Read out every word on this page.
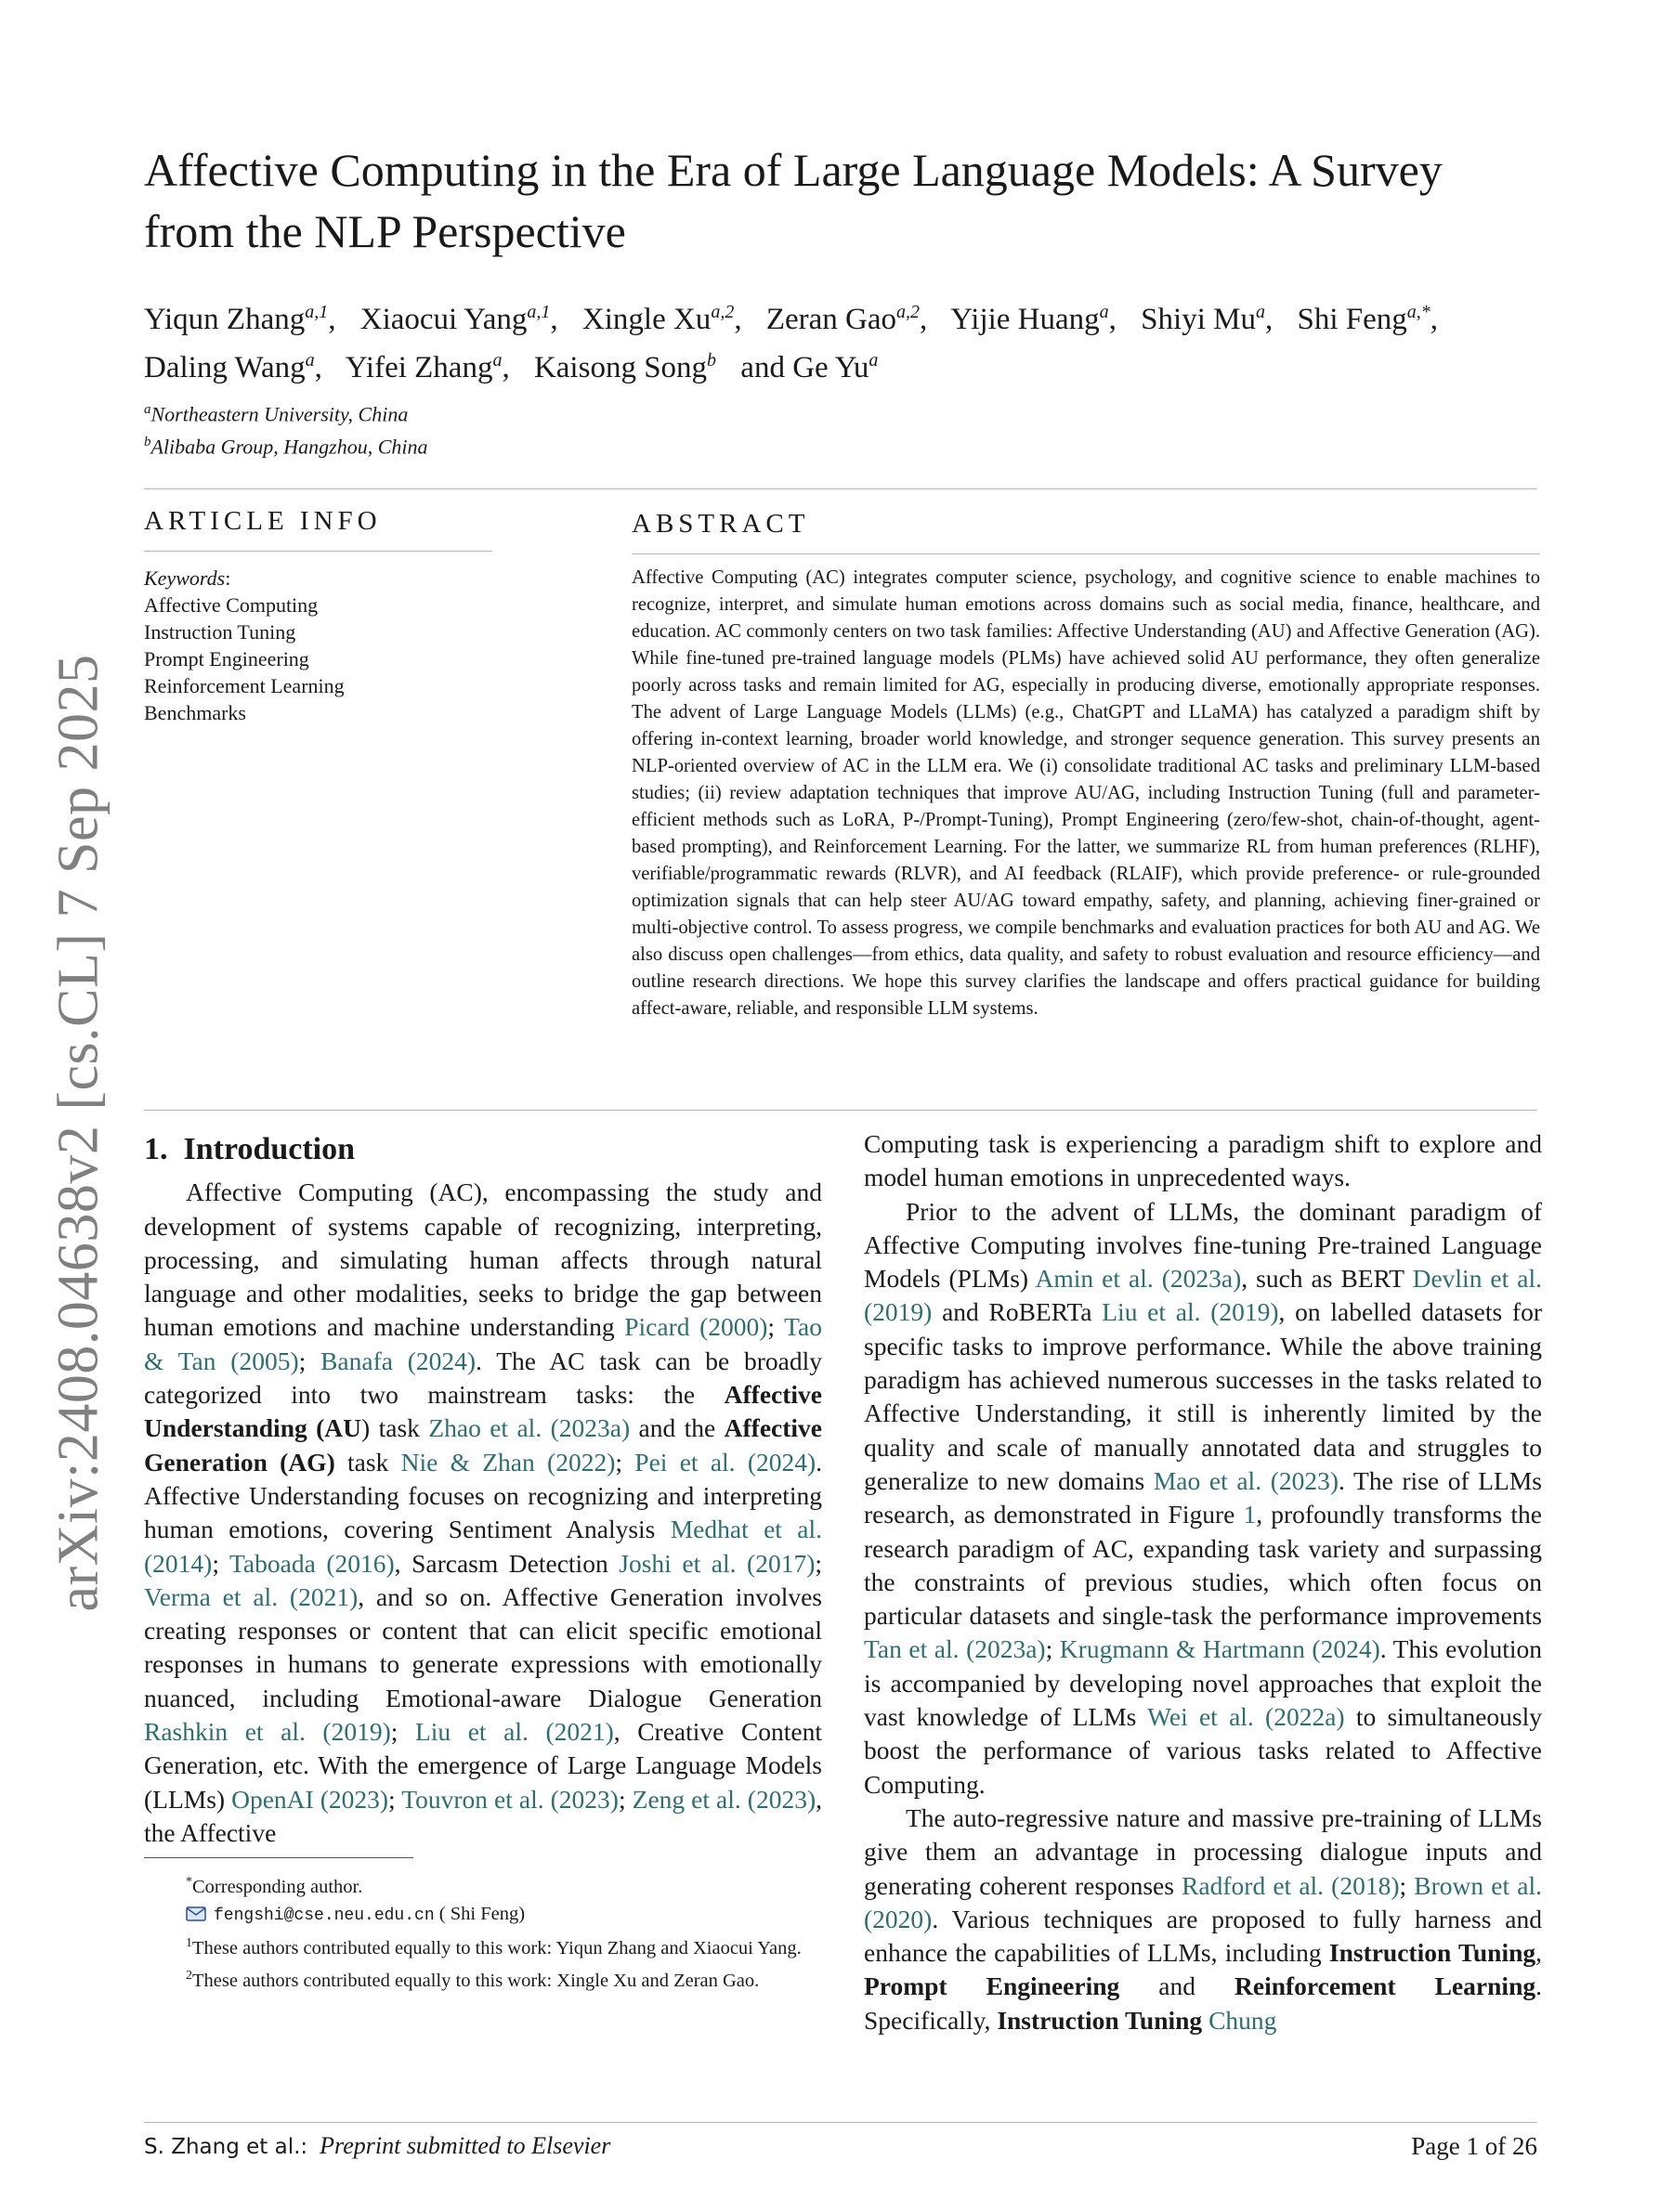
arXiv:2408.04638v2 [cs.CL] 7 Sep 2025
Affective Computing in the Era of Large Language Models: A Survey from the NLP Perspective

Yiqun Zhang$^{a,1}$, Xiaocui Yang$^{a,1}$, Xingle Xu$^{a,2}$, Zeran Gao$^{a,2}$, Yijie Huang$^a$, Shiyi Mu$^a$, Shi Feng$^{a,*}$, Daling Wang$^a$, Yifei Zhang$^a$, Kaisong Song$^b$ and Ge Yu$^a$

$^a$Northeastern University, China

$^b$Alibaba Group, Hangzhou, China

ARTICLE INFO
Keywords:
Affective Computing
Instruction Tuning
Prompt Engineering
Reinforcement Learning
Benchmarks
ABSTRACT

Affective Computing (AC) integrates computer science, psychology, and cognitive science to enable machines to recognize, interpret, and simulate human emotions across domains such as social media, finance, healthcare, and education. AC commonly centers on two task families: Affective Understanding (AU) and Affective Generation (AG). While fine-tuned pre-trained language models (PLMs) have achieved solid AU performance, they often generalize poorly across tasks and remain limited for AG, especially in producing diverse, emotionally appropriate responses. The advent of Large Language Models (LLMs) (e.g., ChatGPT and LLaMA) has catalyzed a paradigm shift by offering in-context learning, broader world knowledge, and stronger sequence generation. This survey presents an NLP-oriented overview of AC in the LLM era. We (i) consolidate traditional AC tasks and preliminary LLM-based studies; (ii) review adaptation techniques that improve AU/AG, including Instruction Tuning (full and parameter-efficient methods such as LoRA, P-/Prompt-Tuning), Prompt Engineering (zero/few-shot, chain-of-thought, agent-based prompting), and Reinforcement Learning. For the latter, we summarize RL from human preferences (RLHF), verifiable/programmatic rewards (RLVR), and AI feedback (RLAIF), which provide preference- or rule-grounded optimization signals that can help steer AU/AG toward empathy, safety, and planning, achieving finer-grained or multi-objective control. To assess progress, we compile benchmarks and evaluation practices for both AU and AG. We also discuss open challenges—from ethics, data quality, and safety to robust evaluation and resource efficiency—and outline research directions. We hope this survey clarifies the landscape and offers practical guidance for building affect-aware, reliable, and responsible LLM systems.

1. Introduction

Affective Computing (AC), encompassing the study and development of systems capable of recognizing, interpreting, processing, and simulating human affects through natural language and other modalities, seeks to bridge the gap between human emotions and machine understanding Picard (2000); Tao & Tan (2005); Banafa (2024). The AC task can be broadly categorized into two mainstream tasks: the Affective Understanding (AU) task Zhao et al. (2023a) and the Affective Generation (AG) task Nie & Zhan (2022); Pei et al. (2024). Affective Understanding focuses on recognizing and interpreting human emotions, covering Sentiment Analysis Medhat et al. (2014); Taboada (2016), Sarcasm Detection Joshi et al. (2017); Verma et al. (2021), and so on. Affective Generation involves creating responses or content that can elicit specific emotional responses in humans to generate expressions with emotionally nuanced, including Emotional-aware Dialogue Generation Rashkin et al. (2019); Liu et al. (2021), Creative Content Generation, etc. With the emergence of Large Language Models (LLMs) OpenAI (2023); Touvron et al. (2023); Zeng et al. (2023), the Affective

*Corresponding author.

fengshi@cse.neu.edu.cn ( Shi Feng)

$^1$These authors contributed equally to this work: Yiqun Zhang and Xiaocui Yang.

$^2$These authors contributed equally to this work: Xingle Xu and Zeran Gao.

Computing task is experiencing a paradigm shift to explore and model human emotions in unprecedented ways.

Prior to the advent of LLMs, the dominant paradigm of Affective Computing involves fine-tuning Pre-trained Language Models (PLMs) Amin et al. (2023a), such as BERT Devlin et al. (2019) and RoBERTa Liu et al. (2019), on labelled datasets for specific tasks to improve performance. While the above training paradigm has achieved numerous successes in the tasks related to Affective Understanding, it still is inherently limited by the quality and scale of manually annotated data and struggles to generalize to new domains Mao et al. (2023). The rise of LLMs research, as demonstrated in Figure 1, profoundly transforms the research paradigm of AC, expanding task variety and surpassing the constraints of previous studies, which often focus on particular datasets and single-task the performance improvements Tan et al. (2023a); Krugmann & Hartmann (2024). This evolution is accompanied by developing novel approaches that exploit the vast knowledge of LLMs Wei et al. (2022a) to simultaneously boost the performance of various tasks related to Affective Computing.

The auto-regressive nature and massive pre-training of LLMs give them an advantage in processing dialogue inputs and generating coherent responses Radford et al. (2018); Brown et al. (2020). Various techniques are proposed to fully harness and enhance the capabilities of LLMs, including Instruction Tuning, Prompt Engineering and Reinforcement Learning. Specifically, Instruction Tuning Chung

S. Zhang et al.: Preprint submitted to Elsevier	Page 1 of 26
